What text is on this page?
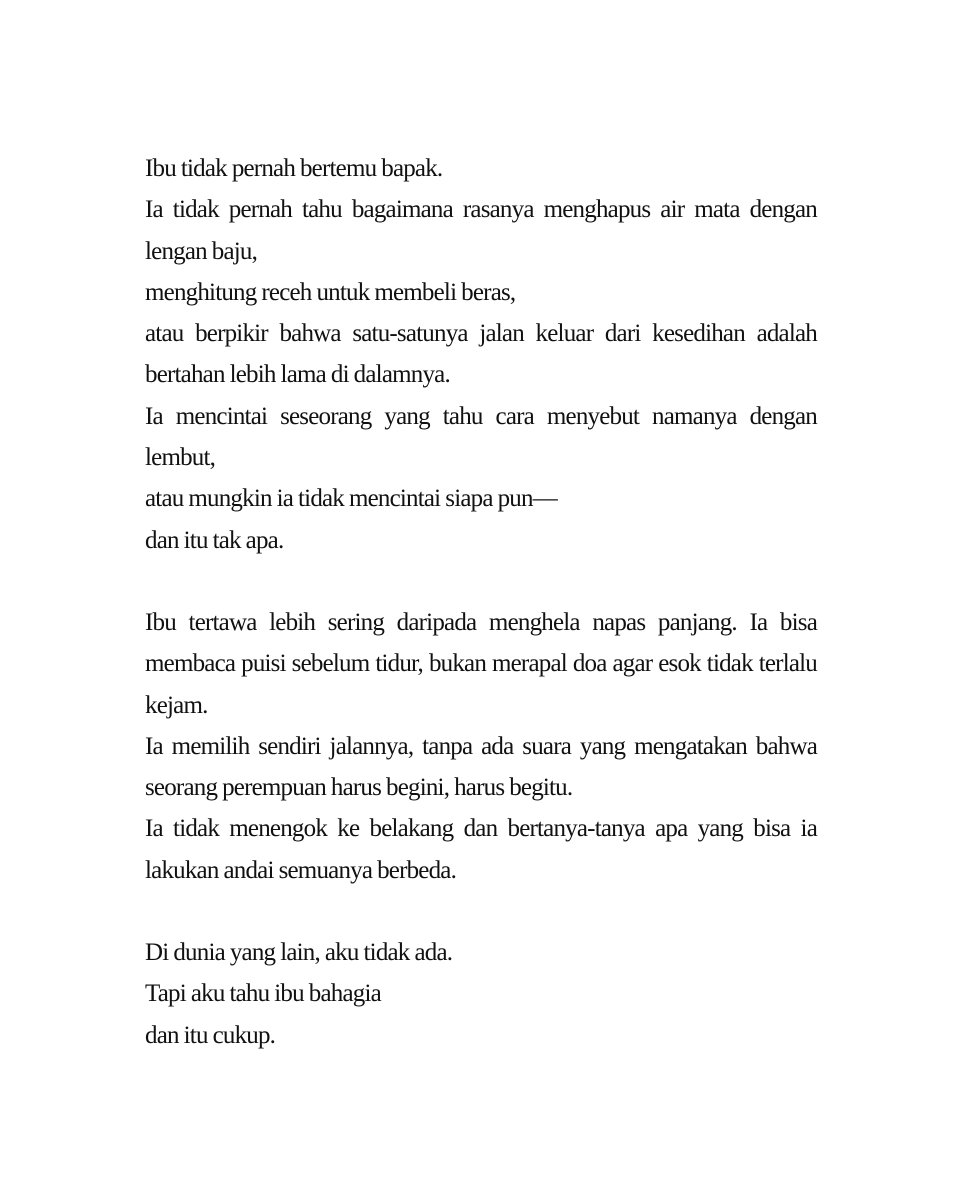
Ibu tidak pernah bertemu bapak.
Ia tidak pernah tahu bagaimana rasanya menghapus air mata dengan lengan baju,
menghitung receh untuk membeli beras,
atau berpikir bahwa satu-satunya jalan keluar dari kesedihan adalah bertahan lebih lama di dalamnya.
Ia mencintai seseorang yang tahu cara menyebut namanya dengan lembut,
atau mungkin ia tidak mencintai siapa pun—
dan itu tak apa.
Ibu tertawa lebih sering daripada menghela napas panjang. Ia bisa membaca puisi sebelum tidur, bukan merapal doa agar esok tidak terlalu kejam.
Ia memilih sendiri jalannya, tanpa ada suara yang mengatakan bahwa seorang perempuan harus begini, harus begitu.
Ia tidak menengok ke belakang dan bertanya-tanya apa yang bisa ia lakukan andai semuanya berbeda.
Di dunia yang lain, aku tidak ada.
Tapi aku tahu ibu bahagia
dan itu cukup.
